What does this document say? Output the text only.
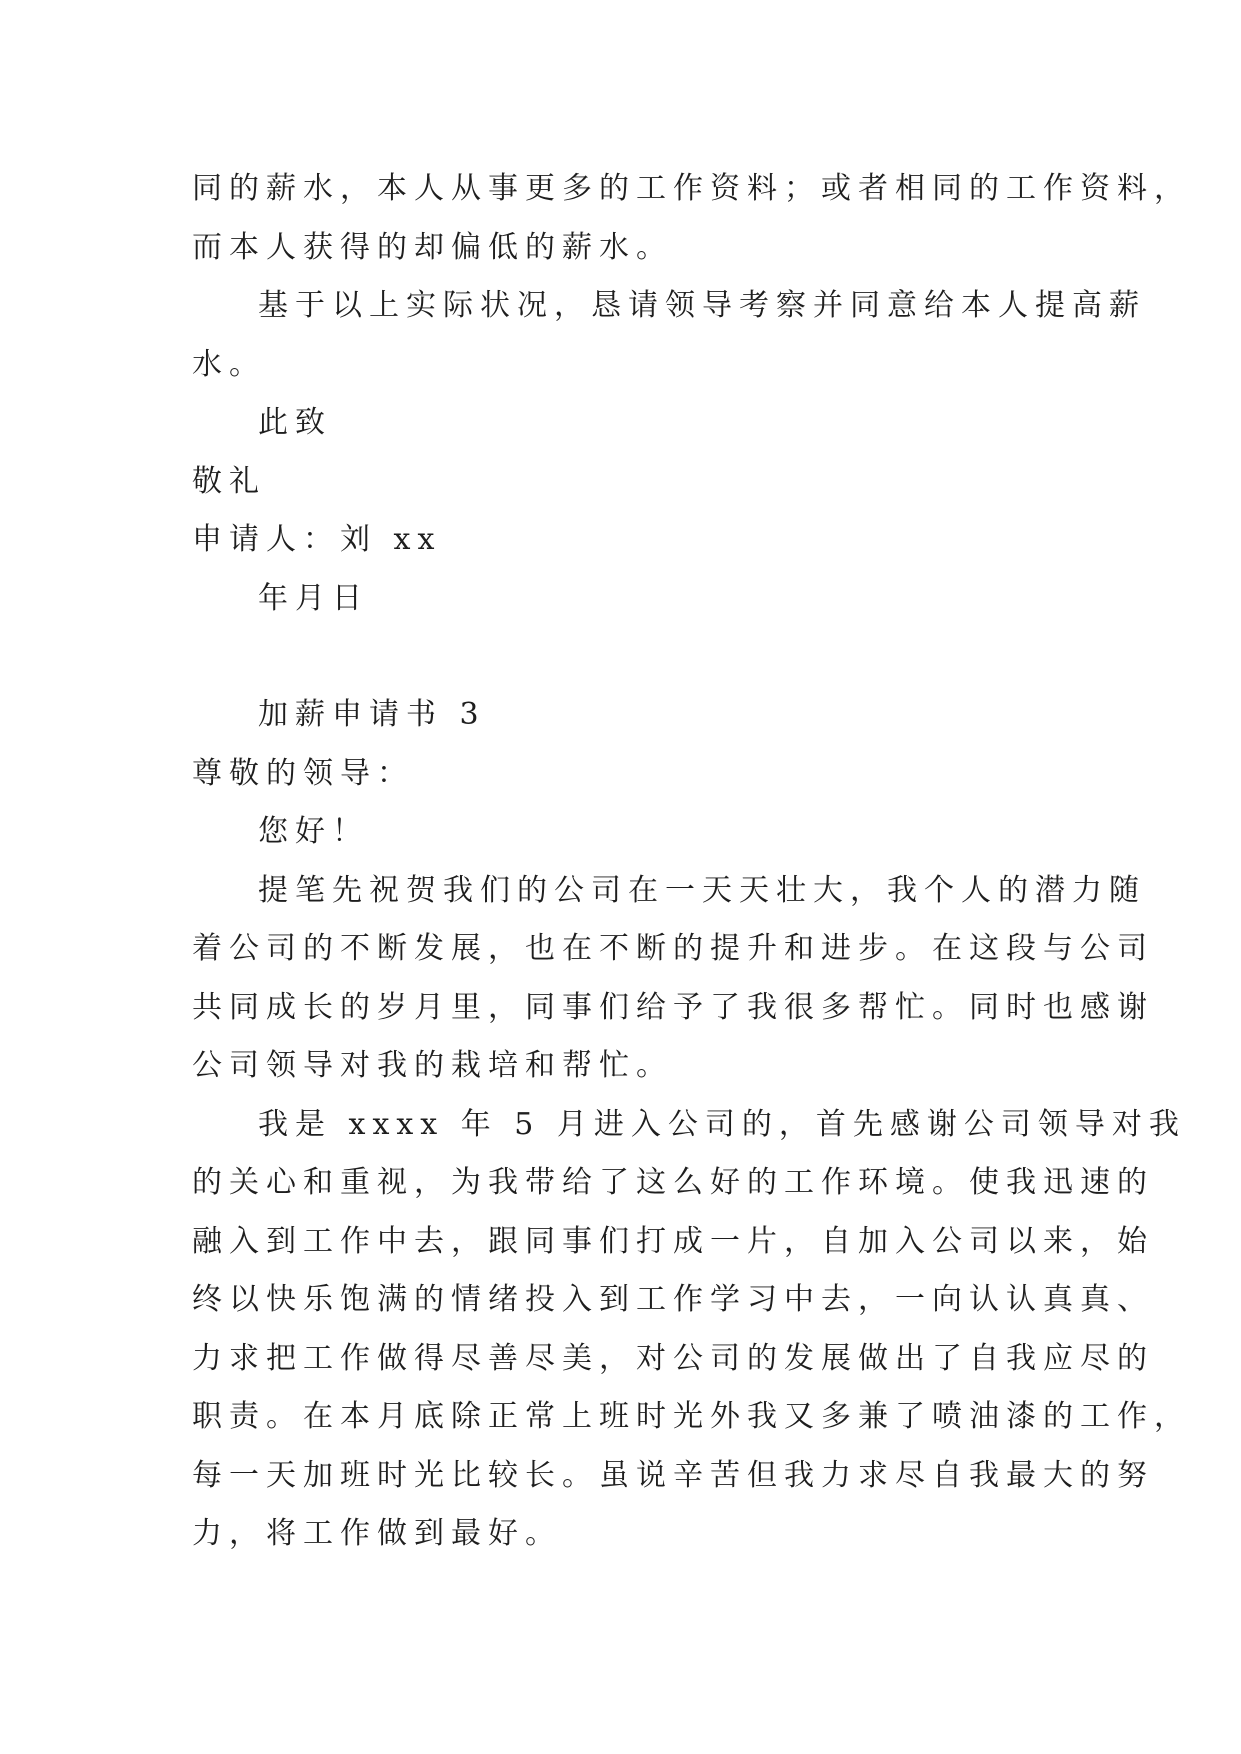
同的薪水，本人从事更多的工作资料；或者相同的工作资料，
而本人获得的却偏低的薪水。
基于以上实际状况，恳请领导考察并同意给本人提高薪
水。
此致
敬礼
申请人：刘 xx
年月日
加薪申请书 3
尊敬的领导：
您好！
提笔先祝贺我们的公司在一天天壮大，我个人的潜力随
着公司的不断发展，也在不断的提升和进步。在这段与公司
共同成长的岁月里，同事们给予了我很多帮忙。同时也感谢
公司领导对我的栽培和帮忙。
我是 xxxx 年 5 月进入公司的，首先感谢公司领导对我
的关心和重视，为我带给了这么好的工作环境。使我迅速的
融入到工作中去，跟同事们打成一片，自加入公司以来，始
终以快乐饱满的情绪投入到工作学习中去，一向认认真真、
力求把工作做得尽善尽美，对公司的发展做出了自我应尽的
职责。在本月底除正常上班时光外我又多兼了喷油漆的工作，
每一天加班时光比较长。虽说辛苦但我力求尽自我最大的努
力，将工作做到最好。
